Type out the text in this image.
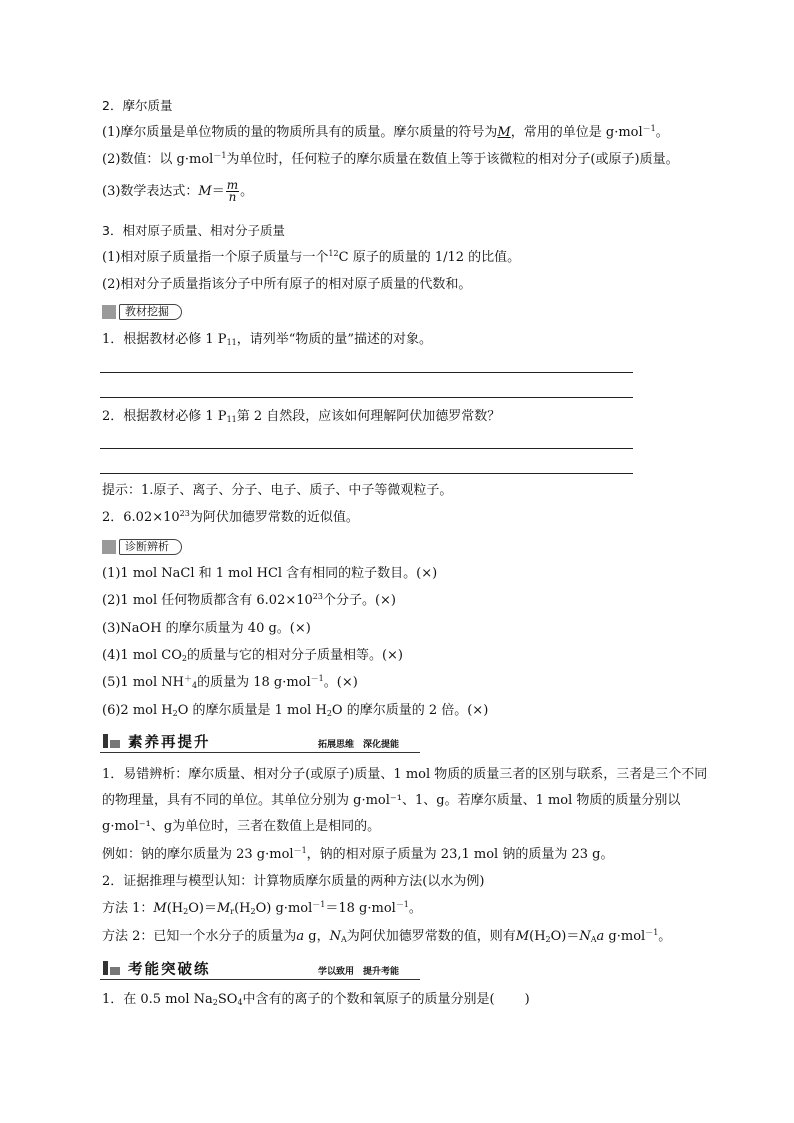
2．摩尔质量
(1)摩尔质量是单位物质的量的物质所具有的质量。摩尔质量的符号为M，常用的单位是 g·mol$^{-1}$。
(2)数值：以 g·mol$^{-1}$为单位时，任何粒子的摩尔质量在数值上等于该微粒的相对分子(或原子)质量。
(3)数学表达式：$M= \frac{m}{n}$ 。
3．相对原子质量、相对分子质量
(1)相对原子质量指一个原子质量与一个$^{12}$C 原子的质量的 1/12 的比值。
(2)相对分子质量指该分子中所有原子的相对原子质量的代数和。
教材挖掘
1．根据教材必修 1 $P_{11}$，请列举“物质的量”描述的对象。
2．根据教材必修 1 $P_{11}$第 2 自然段，应该如何理解阿伏加德罗常数？
提示：1.原子、离子、分子、电子、质子、中子等微观粒子。
2．$6.02\times 10^{23}$为阿伏加德罗常数的近似值。
诊断辨析
(1)1 mol NaCl 和 1 mol HCl 含有相同的粒子数目。(×)
(2)1 mol 任何物质都含有 $6.02\times 10^{23}$个分子。(×)
(3)NaOH 的摩尔质量为 40 g。(×)
(4)1 mol $CO_2$的质量与它的相对分子质量相等。(×)
(5)1 mol $NH^+_4$的质量为 18 g·mol$^{-1}$。(×)
(6)2 mol $H_2O$ 的摩尔质量是 1 mol $H_2O$ 的摩尔质量的 2 倍。(×)
素养再提升	拓展思维　深化提能
1．易错辨析：摩尔质量、相对分子(或原子)质量、1 mol 物质的质量三者的区别与联系，三者是三个不同的物理量，具有不同的单位。其单位分别为 g·mol⁻¹、1、g。若摩尔质量、1 mol 物质的质量分别以 g·mol⁻¹、g为单位时，三者在数值上是相同的。
例如：钠的摩尔质量为 23 g·mol$^{-1}$，钠的相对原子质量为 23,1 mol 钠的质量为 23 g。
2．证据推理与模型认知：计算物质摩尔质量的两种方法(以水为例)
方法 1：$M(H_2O)=M_r(H_2O)$ g·mol$^{-1}$＝18 g·mol$^{-1}$。
方法 2：已知一个水分子的质量为a g，$N_A$为阿伏加德罗常数的值，则有$M(H_2O)=N_Aa$ g·mol$^{-1}$。
考能突破练	学以致用　提升考能
1．在 0.5 mol $Na_2SO_4$中含有的离子的个数和氧原子的质量分别是( )
